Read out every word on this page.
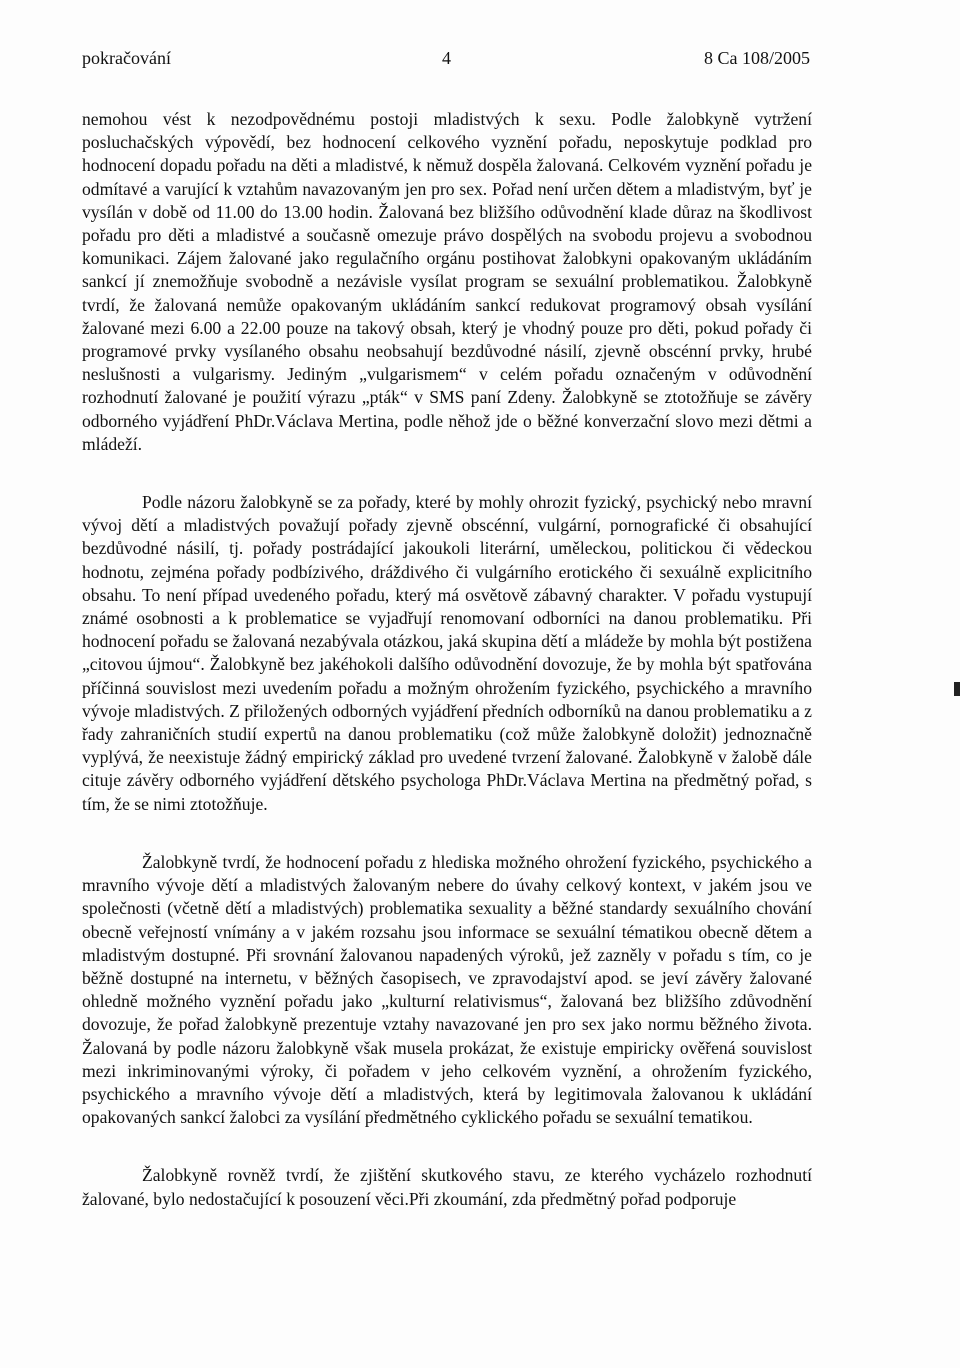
pokračování	4	8 Ca 108/2005

nemohou vést k nezodpovědnému postoji mladistvých k sexu. Podle žalobkyně vytržení posluchačských výpovědí, bez hodnocení celkového vyznění pořadu, neposkytuje podklad pro hodnocení dopadu pořadu na děti a mladistvé, k němuž dospěla žalovaná. Celkovém vyznění pořadu je odmítavé a varující k vztahům navazovaným jen pro sex. Pořad není určen dětem a mladistvým, byť je vysílán v době od 11.00 do 13.00 hodin. Žalovaná bez bližšího odůvodnění klade důraz na škodlivost pořadu pro děti a mladistvé a současně omezuje právo dospělých na svobodu projevu a svobodnou komunikaci. Zájem žalované jako regulačního orgánu postihovat žalobkyni opakovaným ukládáním sankcí jí znemožňuje svobodně a nezávisle vysílat program se sexuální problematikou. Žalobkyně tvrdí, že žalovaná nemůže opakovaným ukládáním sankcí redukovat programový obsah vysílání žalované mezi 6.00 a 22.00 pouze na takový obsah, který je vhodný pouze pro děti, pokud pořady či programové prvky vysílaného obsahu neobsahují bezdůvodné násilí, zjevně obscénní prvky, hrubé neslušnosti a vulgarismy. Jediným „vulgarismem“ v celém pořadu označeným v odůvodnění rozhodnutí žalované je použití výrazu „pták“ v SMS paní Zdeny. Žalobkyně se ztotožňuje se závěry odborného vyjádření PhDr.Václava Mertina, podle něhož jde o běžné konverzační slovo mezi dětmi a mládeží.

Podle názoru žalobkyně se za pořady, které by mohly ohrozit fyzický, psychický nebo mravní vývoj dětí a mladistvých považují pořady zjevně obscénní, vulgární, pornografické či obsahující bezdůvodné násilí, tj. pořady postrádající jakoukoli literární, uměleckou, politickou či vědeckou hodnotu, zejména pořady podbízivého, dráždivého či vulgárního erotického či sexuálně explicitního obsahu. To není případ uvedeného pořadu, který má osvětově zábavný charakter. V pořadu vystupují známé osobnosti a k problematice se vyjadřují renomovaní odborníci na danou problematiku. Při hodnocení pořadu se žalovaná nezabývala otázkou, jaká skupina dětí a mládeže by mohla být postižena „citovou újmou“. Žalobkyně bez jakéhokoli dalšího odůvodnění dovozuje, že by mohla být spatřována příčinná souvislost mezi uvedením pořadu a možným ohrožením fyzického, psychického a mravního vývoje mladistvých. Z přiložených odborných vyjádření předních odborníků na danou problematiku a z řady zahraničních studií expertů na danou problematiku (což může žalobkyně doložit) jednoznačně vyplývá, že neexistuje žádný empirický základ pro uvedené tvrzení žalované. Žalobkyně v žalobě dále cituje závěry odborného vyjádření dětského psychologa PhDr.Václava Mertina na předmětný pořad, s tím, že se nimi ztotožňuje.

Žalobkyně tvrdí, že hodnocení pořadu z hlediska možného ohrožení fyzického, psychického a mravního vývoje dětí a mladistvých žalovaným nebere do úvahy celkový kontext, v jakém jsou ve společnosti (včetně dětí a mladistvých) problematika sexuality a běžné standardy sexuálního chování obecně veřejností vnímány a v jakém rozsahu jsou informace se sexuální tématikou obecně dětem a mladistvým dostupné. Při srovnání žalovanou napadených výroků, jež zazněly v pořadu s tím, co je běžně dostupné na internetu, v běžných časopisech, ve zpravodajství apod. se jeví závěry žalované ohledně možného vyznění pořadu jako „kulturní relativismus“, žalovaná bez bližšího zdůvodnění dovozuje, že pořad žalobkyně prezentuje vztahy navazované jen pro sex jako normu běžného života. Žalovaná by podle názoru žalobkyně však musela prokázat, že existuje empiricky ověřená souvislost mezi inkriminovanými výroky, či pořadem v jeho celkovém vyznění, a ohrožením fyzického, psychického a mravního vývoje dětí a mladistvých, která by legitimovala žalovanou k ukládání opakovaných sankcí žalobci za vysílání předmětného cyklického pořadu se sexuální tematikou.

Žalobkyně rovněž tvrdí, že zjištění skutkového stavu, ze kterého vycházelo rozhodnutí žalované, bylo nedostačující k posouzení věci.Při zkoumání, zda předmětný pořad podporuje
